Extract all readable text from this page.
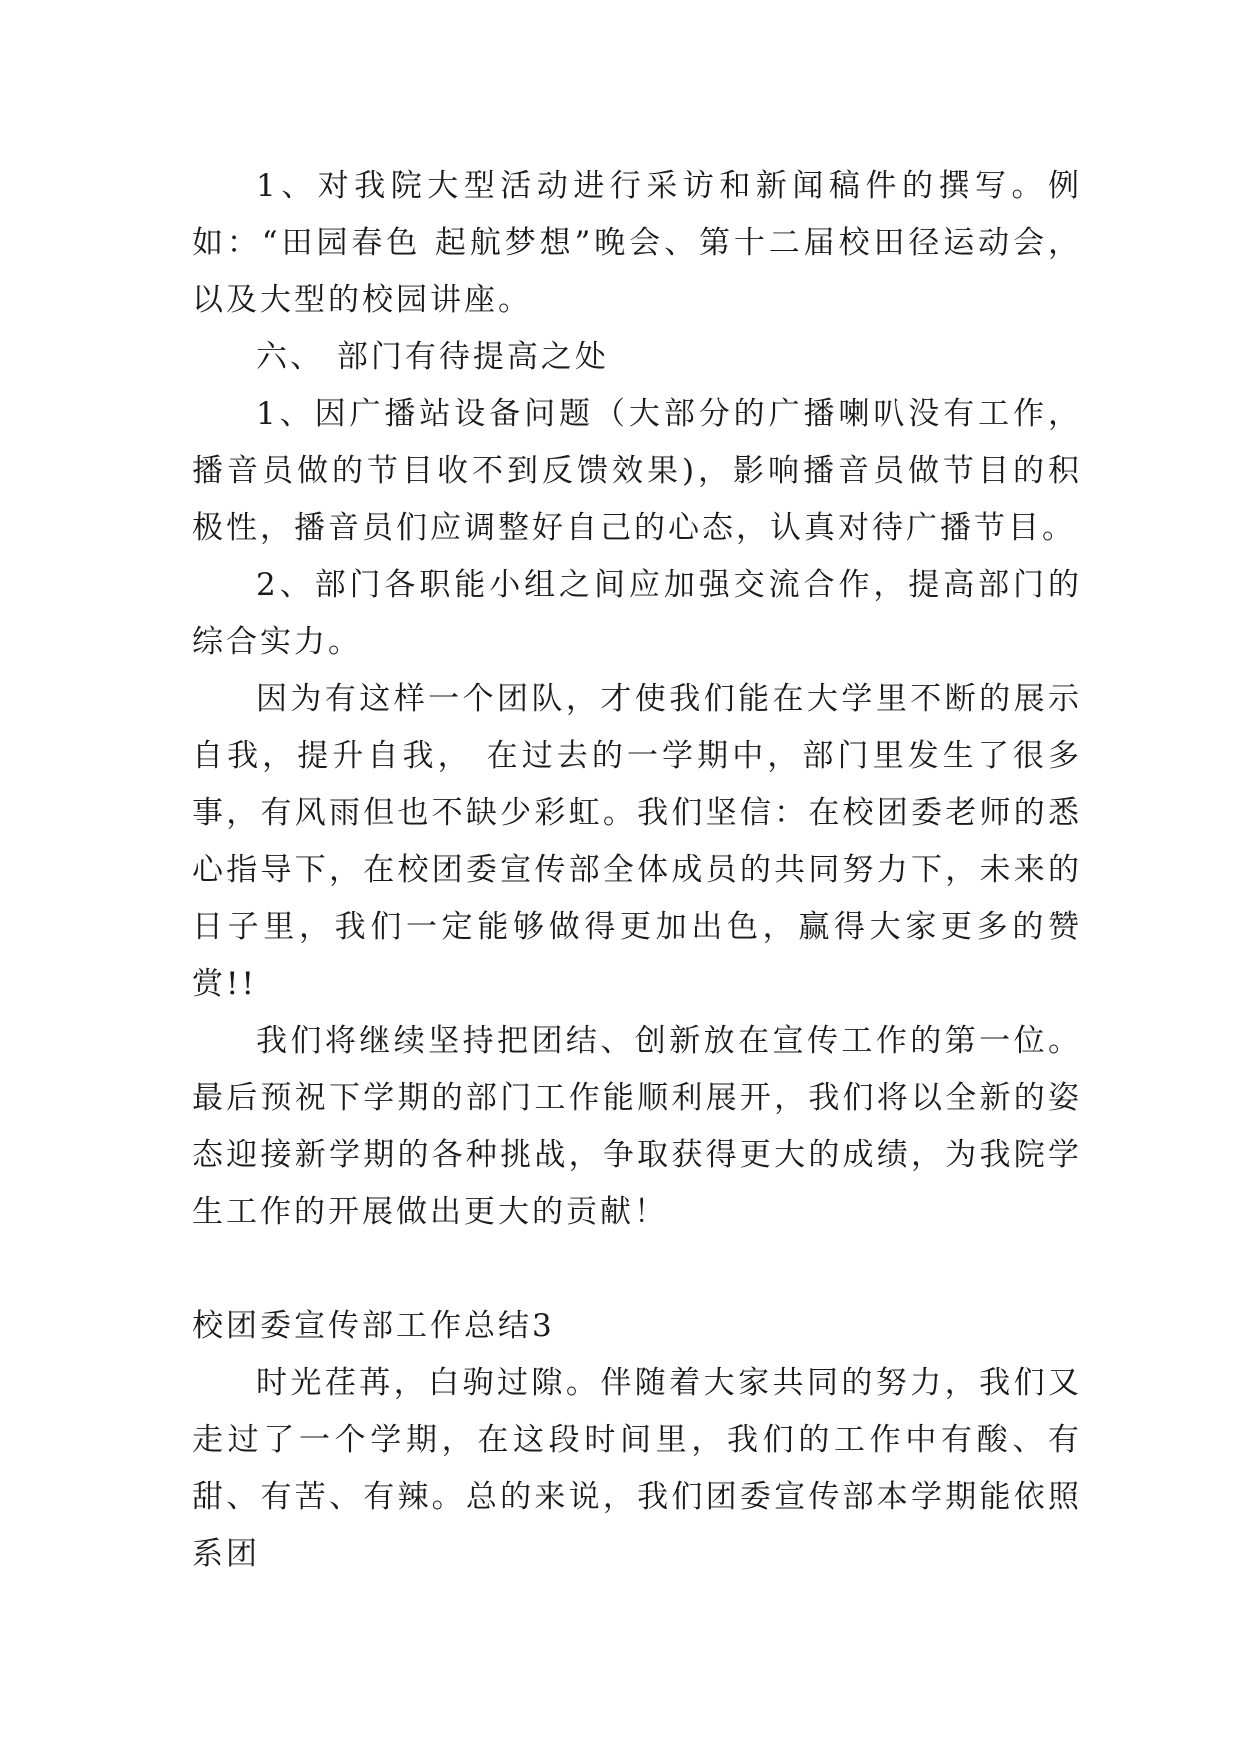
1、对我院大型活动进行采访和新闻稿件的撰写。例如：“田园春色 起航梦想”晚会、第十二届校田径运动会，以及大型的校园讲座。

六、 部门有待提高之处

1、因广播站设备问题（大部分的广播喇叭没有工作，播音员做的节目收不到反馈效果)，影响播音员做节目的积极性，播音员们应调整好自己的心态，认真对待广播节目。

2、部门各职能小组之间应加强交流合作，提高部门的综合实力。

因为有这样一个团队，才使我们能在大学里不断的展示自我，提升自我， 在过去的一学期中，部门里发生了很多事，有风雨但也不缺少彩虹。我们坚信：在校团委老师的悉心指导下，在校团委宣传部全体成员的共同努力下，未来的日子里，我们一定能够做得更加出色，赢得大家更多的赞赏!!

我们将继续坚持把团结、创新放在宣传工作的第一位。最后预祝下学期的部门工作能顺利展开，我们将以全新的姿态迎接新学期的各种挑战，争取获得更大的成绩，为我院学生工作的开展做出更大的贡献！

校团委宣传部工作总结3

时光荏苒，白驹过隙。伴随着大家共同的努力，我们又走过了一个学期，在这段时间里，我们的工作中有酸、有甜、有苦、有辣。总的来说，我们团委宣传部本学期能依照系团
